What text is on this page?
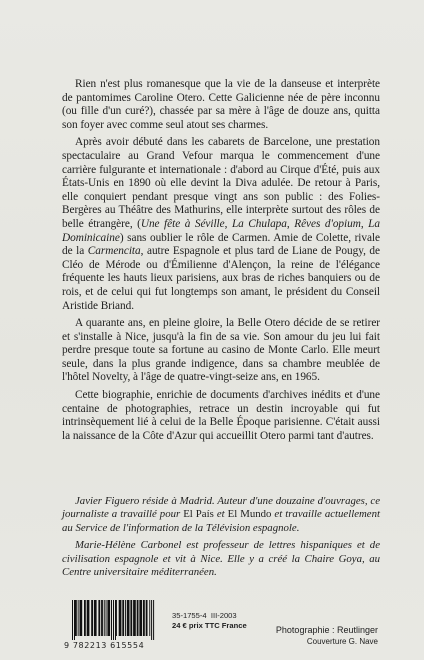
Rien n'est plus romanesque que la vie de la danseuse et interprète de pantomimes Caroline Otero. Cette Galicienne née de père inconnu (ou fille d'un curé?), chassée par sa mère à l'âge de douze ans, quitta son foyer avec comme seul atout ses charmes.

Après avoir débuté dans les cabarets de Barcelone, une prestation spectaculaire au Grand Vefour marqua le commencement d'une carrière fulgurante et internationale : d'abord au Cirque d'Été, puis aux États-Unis en 1890 où elle devint la Diva adulée. De retour à Paris, elle conquiert pendant presque vingt ans son public : des Folies-Bergères au Théâtre des Mathurins, elle interprète surtout des rôles de belle étrangère, (Une fête à Séville, La Chulapa, Rêves d'opium, La Dominicaine) sans oublier le rôle de Carmen. Amie de Colette, rivale de la Carmencita, autre Espagnole et plus tard de Liane de Pougy, de Cléo de Mérode ou d'Émilienne d'Alençon, la reine de l'élégance fréquente les hauts lieux parisiens, aux bras de riches banquiers ou de rois, et de celui qui fut longtemps son amant, le président du Conseil Aristide Briand.

A quarante ans, en pleine gloire, la Belle Otero décide de se retirer et s'installe à Nice, jusqu'à la fin de sa vie. Son amour du jeu lui fait perdre presque toute sa fortune au casino de Monte Carlo. Elle meurt seule, dans la plus grande indigence, dans sa chambre meublée de l'hôtel Novelty, à l'âge de quatre-vingt-seize ans, en 1965.

Cette biographie, enrichie de documents d'archives inédits et d'une centaine de photographies, retrace un destin incroyable qui fut intrinsèquement lié à celui de la Belle Époque parisienne. C'était aussi la naissance de la Côte d'Azur qui accueillit Otero parmi tant d'autres.

Javier Figuero réside à Madrid. Auteur d'une douzaine d'ouvrages, ce journaliste a travaillé pour El País et El Mundo et travaille actuellement au Service de l'information de la Télévision espagnole.

Marie-Hélène Carbonel est professeur de lettres hispaniques et de civilisation espagnole et vit à Nice. Elle y a créé la Chaire Goya, au Centre universitaire méditerranéen.

9 782213 615554
35-1755-4 III-2003
24 € prix TTC France	Photographie : Reutlinger
Couverture G. Nave
